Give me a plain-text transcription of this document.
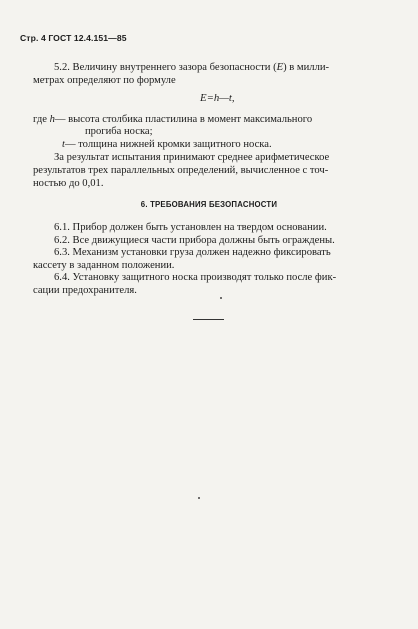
Стр. 4 ГОСТ 12.4.151—85
5.2. Величину внутреннего зазора безопасности (E) в милли-
метрах определяют по формуле
E=h—t,
где h— высота столбика пластилина в момент максимального
прогиба носка;
t— толщина нижней кромки защитного носка.
За результат испытания принимают среднее арифметическое
результатов трех параллельных определений, вычисленное с точ-
ностью до 0,01.
6. ТРЕБОВАНИЯ БЕЗОПАСНОСТИ
6.1. Прибор должен быть установлен на твердом основании.
6.2. Все движущиеся части прибора должны быть ограждены.
6.3. Механизм установки груза должен надежно фиксировать
кассету в заданном положении.
6.4. Установку защитного носка производят только после фик-
сации предохранителя.
